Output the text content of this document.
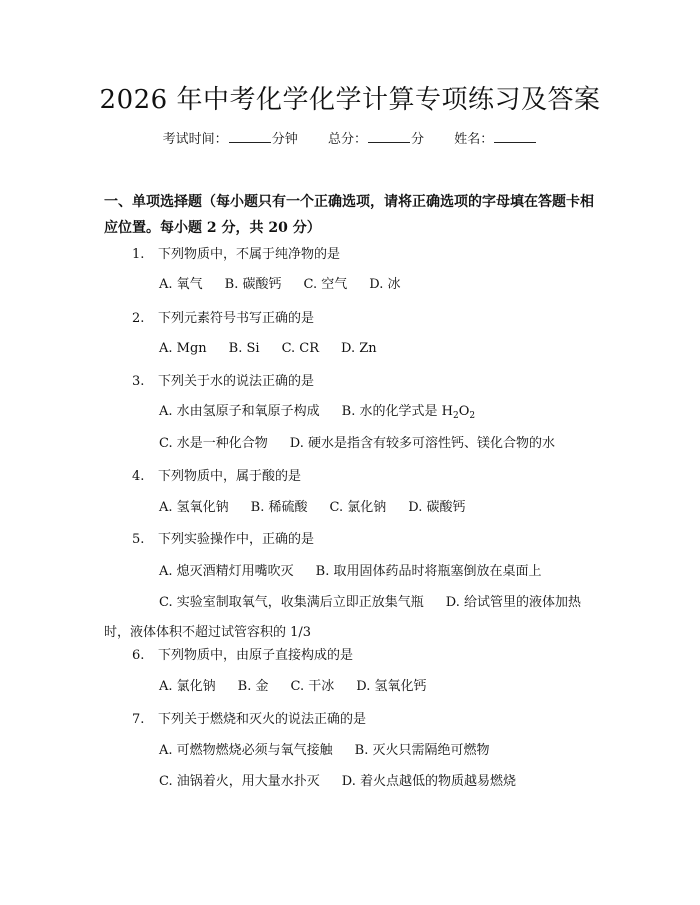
2026 年中考化学化学计算专项练习及答案
考试时间：	分钟 总分：	分 姓名：
一、单项选择题（每小题只有一个正确选项，请将正确选项的字母填在答题卡相应位置。每小题 2 分，共 20 分）
1. 下列物质中，不属于纯净物的是
A. 氧气 B. 碳酸钙 C. 空气 D. 冰
2. 下列元素符号书写正确的是
A. Mgn B. Si C. CR D. Zn
3. 下列关于水的说法正确的是
A. 水由氢原子和氧原子构成 B. 水的化学式是 $H_2O_2$
C. 水是一种化合物 D. 硬水是指含有较多可溶性钙、镁化合物的水
4. 下列物质中，属于酸的是
A. 氢氧化钠 B. 稀硫酸 C. 氯化钠 D. 碳酸钙
5. 下列实验操作中，正确的是
A. 熄灭酒精灯用嘴吹灭 B. 取用固体药品时将瓶塞倒放在桌面上
C. 实验室制取氧气，收集满后立即正放集气瓶 D. 给试管里的液体加热时，液体体积不超过试管容积的 1/3
6. 下列物质中，由原子直接构成的是
A. 氯化钠 B. 金 C. 干冰 D. 氢氧化钙
7. 下列关于燃烧和灭火的说法正确的是
A. 可燃物燃烧必须与氧气接触 B. 灭火只需隔绝可燃物
C. 油锅着火，用大量水扑灭 D. 着火点越低的物质越易燃烧
